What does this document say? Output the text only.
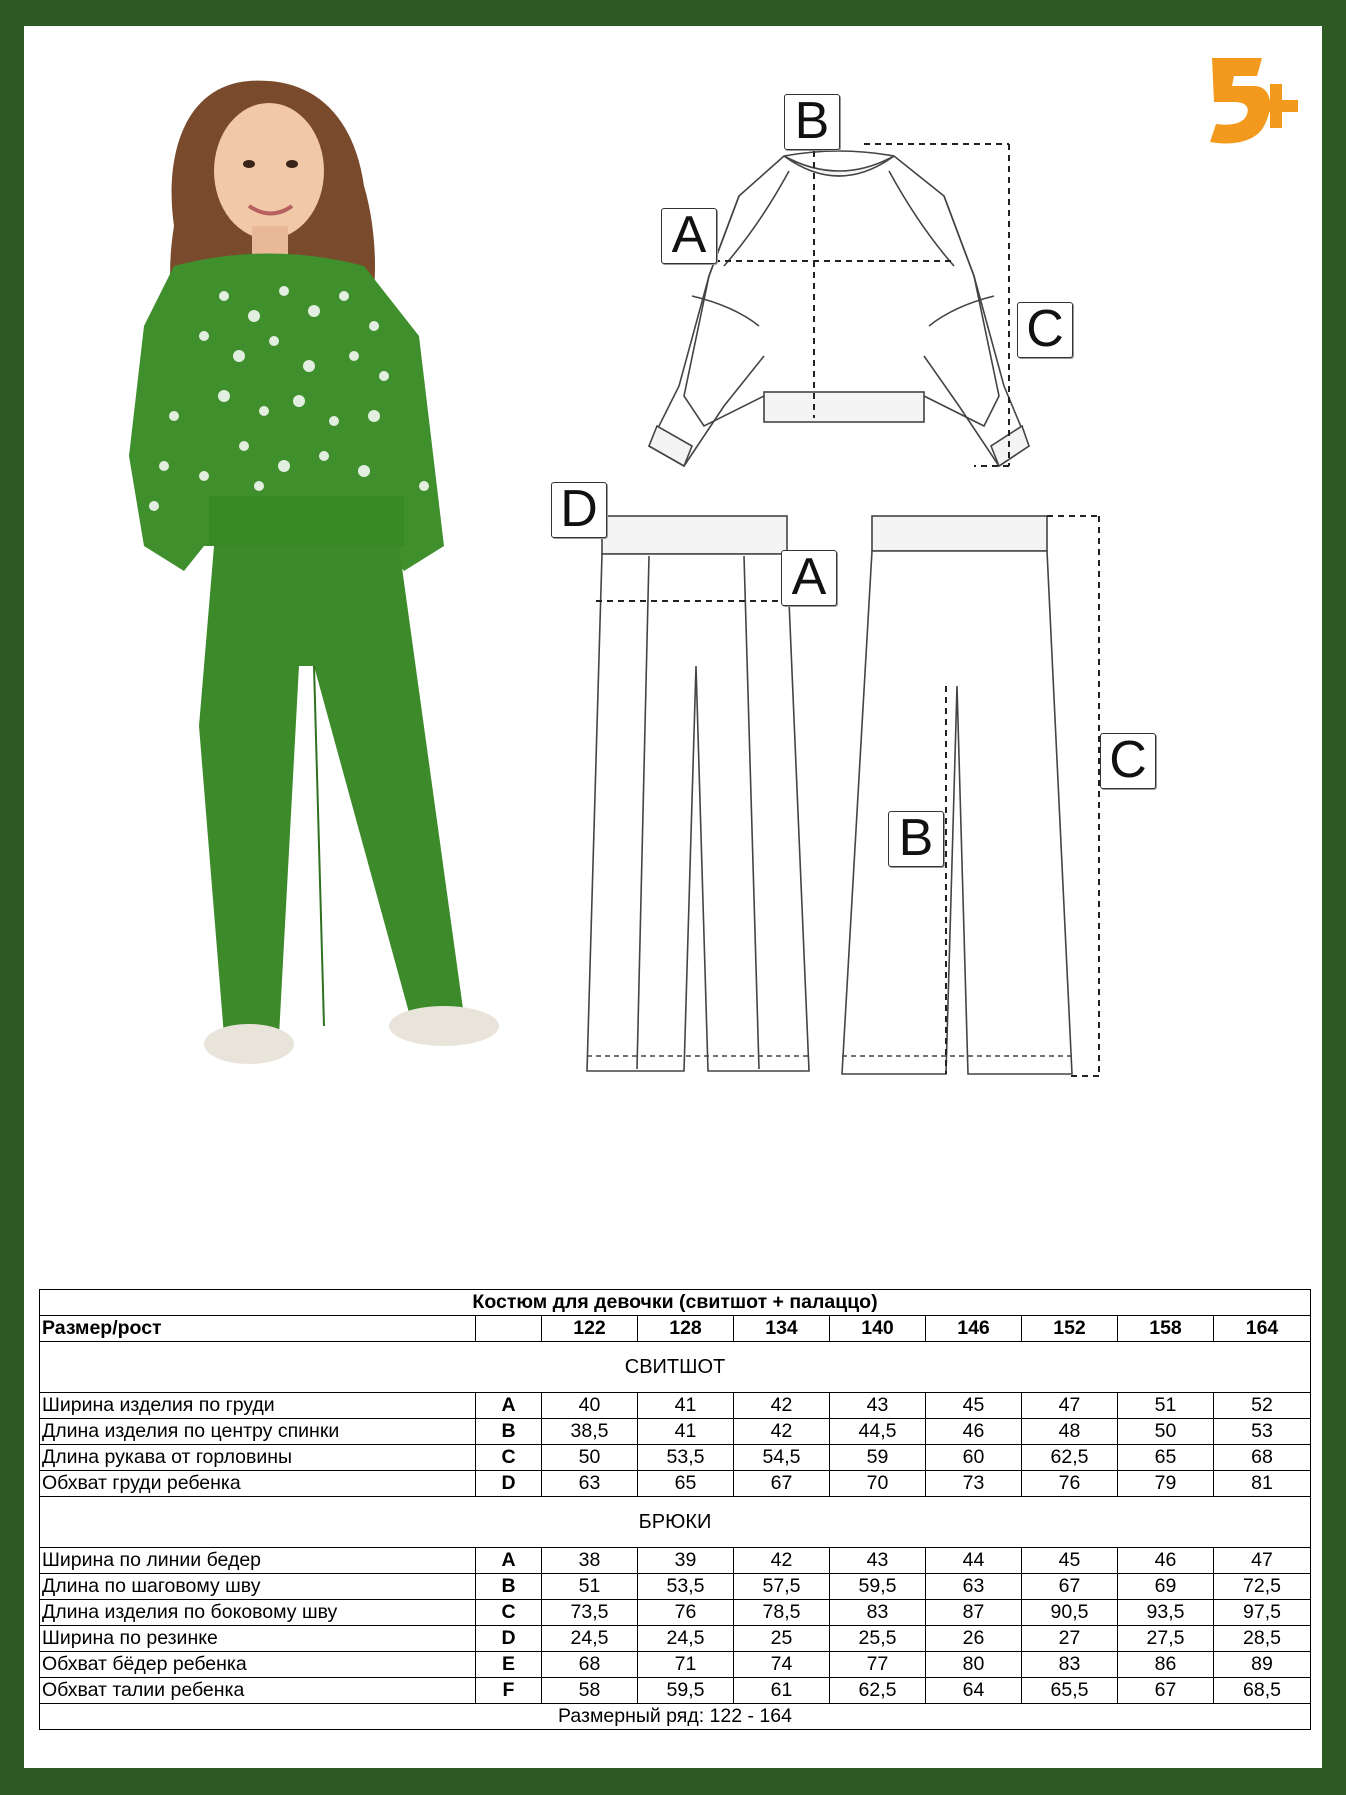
B
A
C
D
A
C
B
Костюм для девочки (свитшот + палаццо)									
Размер/рост		122	128	134	140	146	152	158	164
СВИТШОТ									
Ширина изделия по груди	A	40	41	42	43	45	47	51	52
Длина изделия по центру спинки	B	38,5	41	42	44,5	46	48	50	53
Длина рукава от горловины	C	50	53,5	54,5	59	60	62,5	65	68
Обхват груди ребенка	D	63	65	67	70	73	76	79	81
БРЮКИ									
Ширина по линии бедер	A	38	39	42	43	44	45	46	47
Длина по шаговому шву	B	51	53,5	57,5	59,5	63	67	69	72,5
Длина изделия по боковому шву	C	73,5	76	78,5	83	87	90,5	93,5	97,5
Ширина по резинке	D	24,5	24,5	25	25,5	26	27	27,5	28,5
Обхват бёдер ребенка	E	68	71	74	77	80	83	86	89
Обхват талии ребенка	F	58	59,5	61	62,5	64	65,5	67	68,5
Размерный ряд: 122 - 164									
